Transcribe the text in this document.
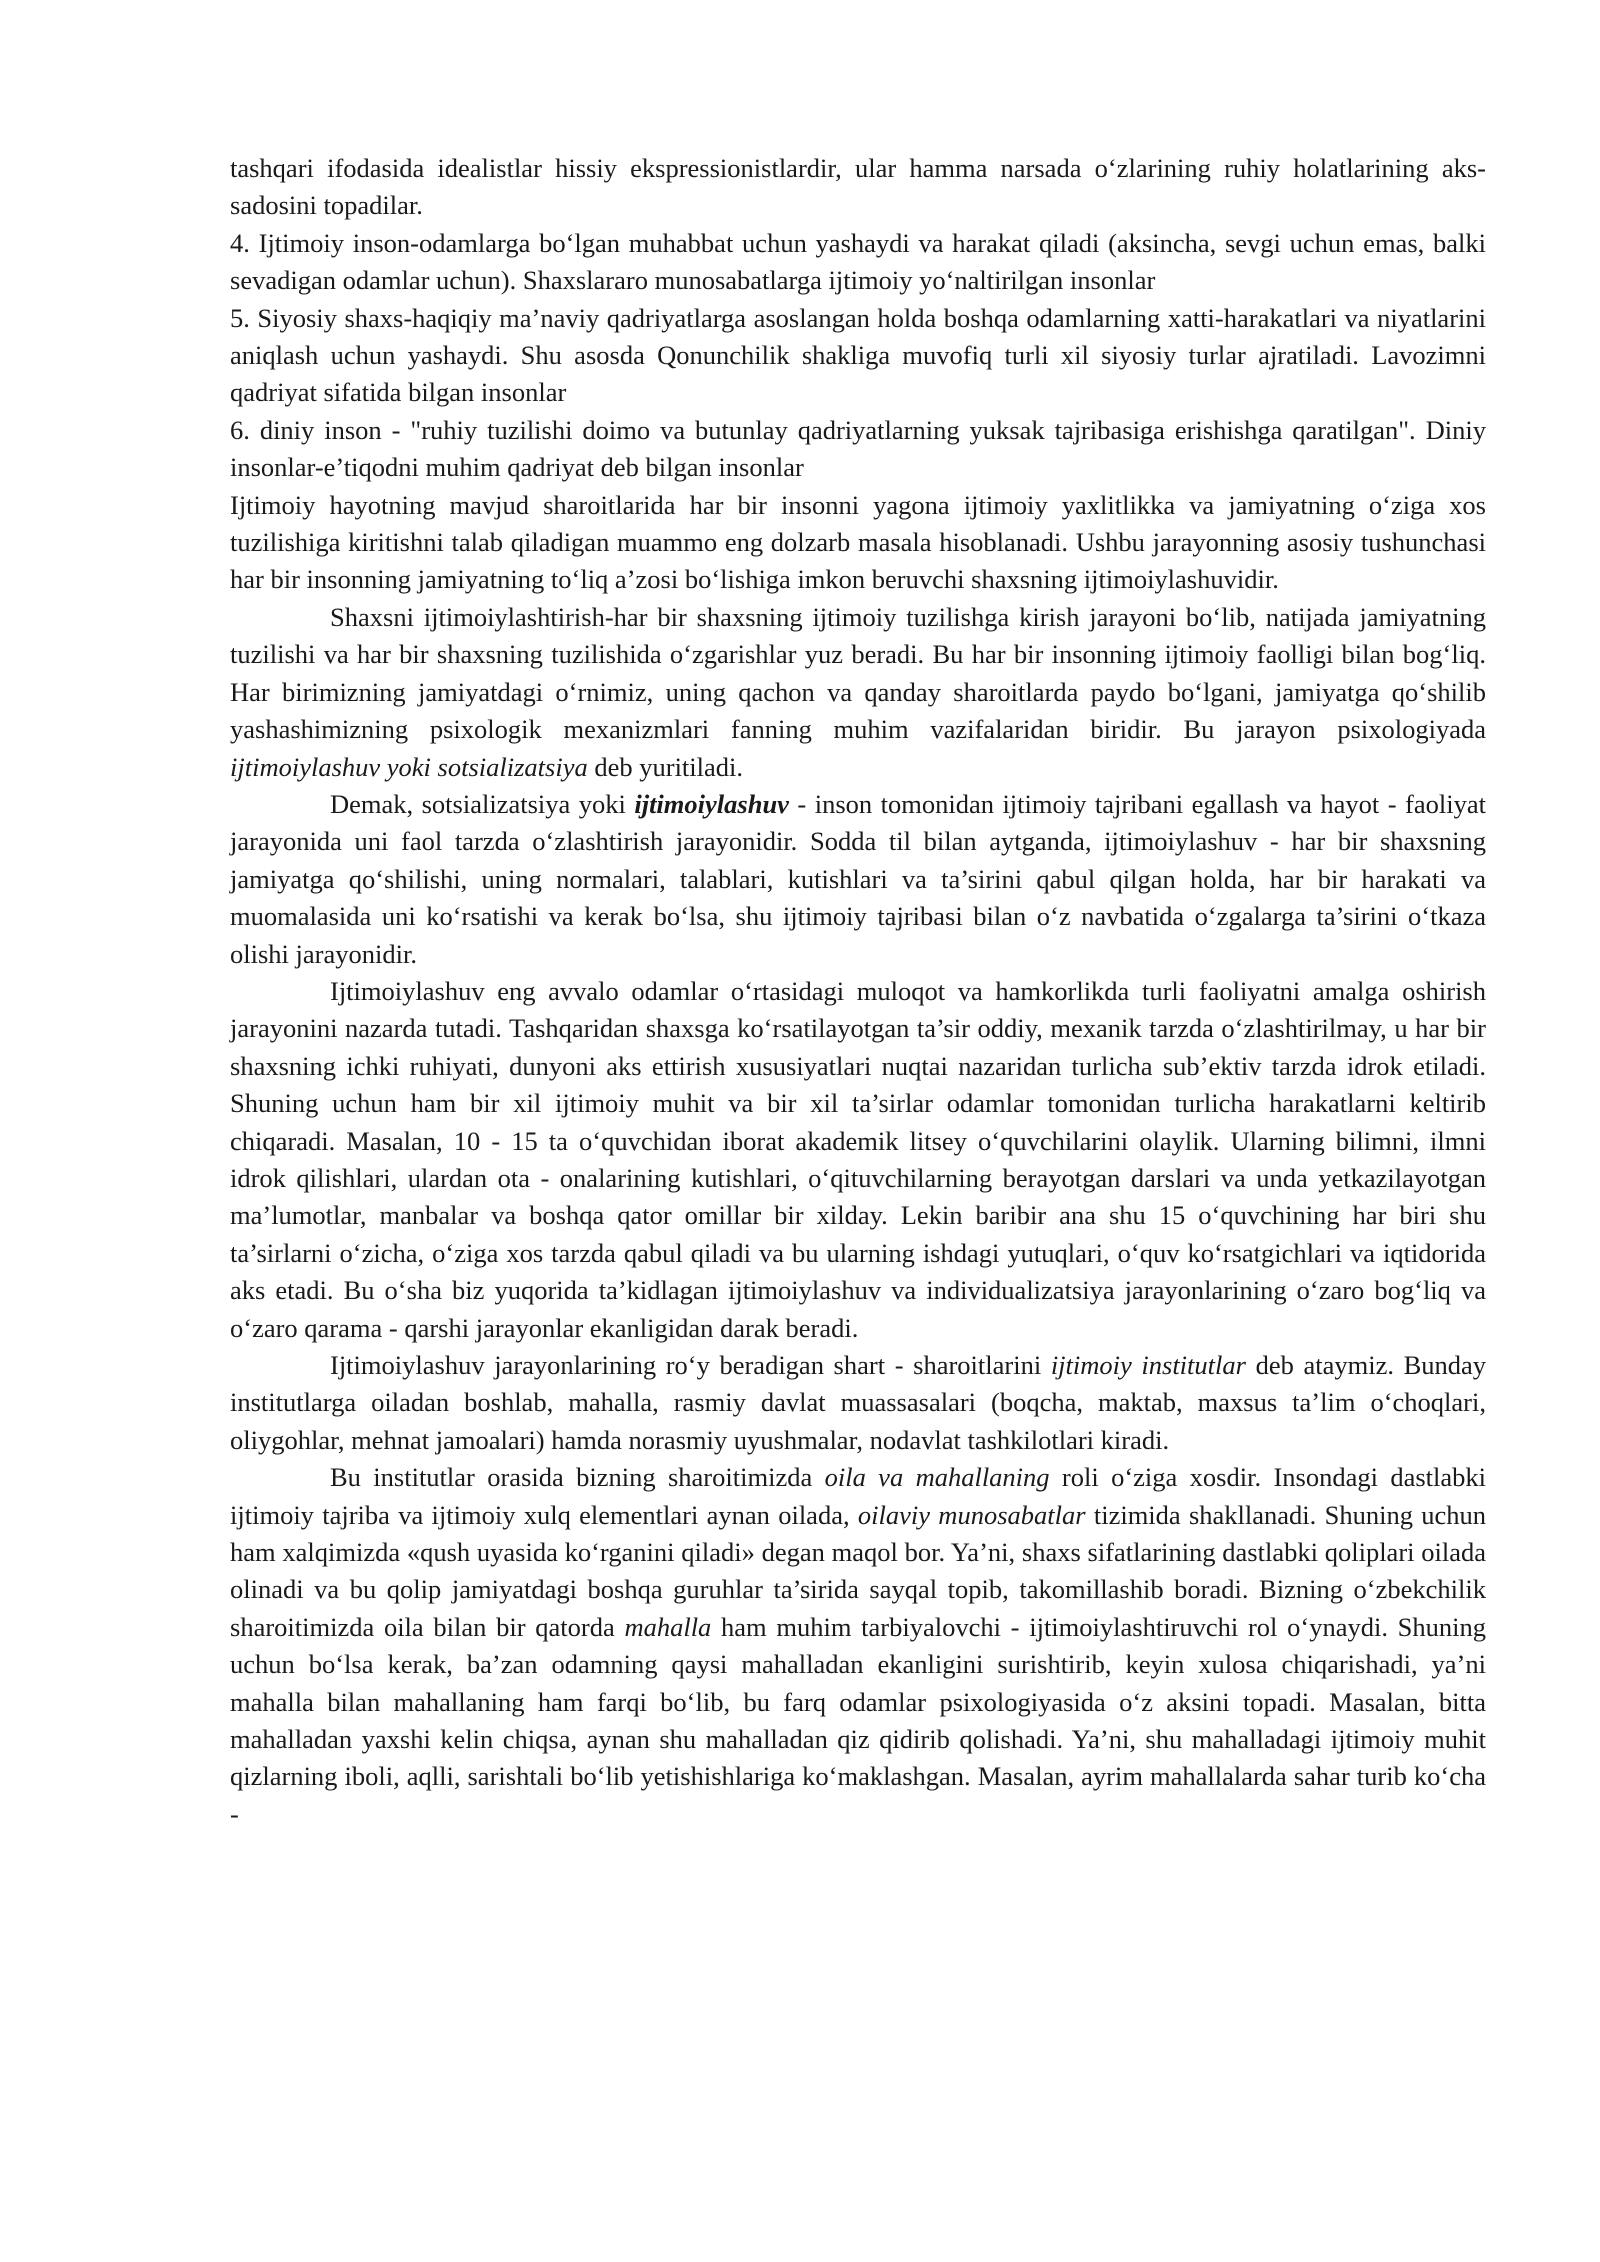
tashqari ifodasida idealistlar hissiy ekspressionistlardir, ular hamma narsada o‘zlarining ruhiy holatlarining aks-sadosini topadilar.

4. Ijtimoiy inson-odamlarga bo‘lgan muhabbat uchun yashaydi va harakat qiladi (aksincha, sevgi uchun emas, balki sevadigan odamlar uchun). Shaxslararo munosabatlarga ijtimoiy yo‘naltirilgan insonlar

5. Siyosiy shaxs-haqiqiy ma’naviy qadriyatlarga asoslangan holda boshqa odamlarning xatti-harakatlari va niyatlarini aniqlash uchun yashaydi. Shu asosda Qonunchilik shakliga muvofiq turli xil siyosiy turlar ajratiladi. Lavozimni qadriyat sifatida bilgan insonlar

6. diniy inson - "ruhiy tuzilishi doimo va butunlay qadriyatlarning yuksak tajribasiga erishishga qaratilgan". Diniy insonlar-e’tiqodni muhim qadriyat deb bilgan insonlar

Ijtimoiy hayotning mavjud sharoitlarida har bir insonni yagona ijtimoiy yaxlitlikka va jamiyatning o‘ziga xos tuzilishiga kiritishni talab qiladigan muammo eng dolzarb masala hisoblanadi. Ushbu jarayonning asosiy tushunchasi har bir insonning jamiyatning to‘liq a’zosi bo‘lishiga imkon beruvchi shaxsning ijtimoiylashuvidir.

Shaxsni ijtimoiylashtirish-har bir shaxsning ijtimoiy tuzilishga kirish jarayoni bo‘lib, natijada jamiyatning tuzilishi va har bir shaxsning tuzilishida o‘zgarishlar yuz beradi. Bu har bir insonning ijtimoiy faolligi bilan bog‘liq. Har birimizning jamiyatdagi o‘rnimiz, uning qachon va qanday sharoitlarda paydo bo‘lgani, jamiyatga qo‘shilib yashashimizning psixologik mexanizmlari fanning muhim vazifalaridan biridir. Bu jarayon psixologiyada ijtimoiylashuv yoki sotsializatsiya deb yuritiladi.

Demak, sotsializatsiya yoki ijtimoiylashuv - inson tomonidan ijtimoiy tajribani egallash va hayot - faoliyat jarayonida uni faol tarzda o‘zlashtirish jarayonidir. Sodda til bilan aytganda, ijtimoiylashuv - har bir shaxsning jamiyatga qo‘shilishi, uning normalari, talablari, kutishlari va ta’sirini qabul qilgan holda, har bir harakati va muomalasida uni ko‘rsatishi va kerak bo‘lsa, shu ijtimoiy tajribasi bilan o‘z navbatida o‘zgalarga ta’sirini o‘tkaza olishi jarayonidir.

Ijtimoiylashuv eng avvalo odamlar o‘rtasidagi muloqot va hamkorlikda turli faoliyatni amalga oshirish jarayonini nazarda tutadi. Tashqaridan shaxsga ko‘rsatilayotgan ta’sir oddiy, mexanik tarzda o‘zlashtirilmay, u har bir shaxsning ichki ruhiyati, dunyoni aks ettirish xususiyatlari nuqtai nazaridan turlicha sub’ektiv tarzda idrok etiladi. Shuning uchun ham bir xil ijtimoiy muhit va bir xil ta’sirlar odamlar tomonidan turlicha harakatlarni keltirib chiqaradi. Masalan, 10 - 15 ta o‘quvchidan iborat akademik litsey o‘quvchilarini olaylik. Ularning bilimni, ilmni idrok qilishlari, ulardan ota - onalarining kutishlari, o‘qituvchilarning berayotgan darslari va unda yetkazilayotgan ma’lumotlar, manbalar va boshqa qator omillar bir xilday. Lekin baribir ana shu 15 o‘quvchining har biri shu ta’sirlarni o‘zicha, o‘ziga xos tarzda qabul qiladi va bu ularning ishdagi yutuqlari, o‘quv ko‘rsatgichlari va iqtidorida aks etadi. Bu o‘sha biz yuqorida ta’kidlagan ijtimoiylashuv va individualizatsiya jarayonlarining o‘zaro bog‘liq va o‘zaro qarama - qarshi jarayonlar ekanligidan darak beradi.

Ijtimoiylashuv jarayonlarining ro‘y beradigan shart - sharoitlarini ijtimoiy institutlar deb ataymiz. Bunday institutlarga oiladan boshlab, mahalla, rasmiy davlat muassasalari (boqcha, maktab, maxsus ta’lim o‘choqlari, oliygohlar, mehnat jamoalari) hamda norasmiy uyushmalar, nodavlat tashkilotlari kiradi.

Bu institutlar orasida bizning sharoitimizda oila va mahallaning roli o‘ziga xosdir. Insondagi dastlabki ijtimoiy tajriba va ijtimoiy xulq elementlari aynan oilada, oilaviy munosabatlar tizimida shakllanadi. Shuning uchun ham xalqimizda «qush uyasida ko‘rganini qiladi» degan maqol bor. Ya’ni, shaxs sifatlarining dastlabki qoliplari oilada olinadi va bu qolip jamiyatdagi boshqa guruhlar ta’sirida sayqal topib, takomillashib boradi. Bizning o‘zbekchilik sharoitimizda oila bilan bir qatorda mahalla ham muhim tarbiyalovchi - ijtimoiylashtiruvchi rol o‘ynaydi. Shuning uchun bo‘lsa kerak, ba’zan odamning qaysi mahalladan ekanligini surishtirib, keyin xulosa chiqarishadi, ya’ni mahalla bilan mahallaning ham farqi bo‘lib, bu farq odamlar psixologiyasida o‘z aksini topadi. Masalan, bitta mahalladan yaxshi kelin chiqsa, aynan shu mahalladan qiz qidirib qolishadi. Ya’ni, shu mahalladagi ijtimoiy muhit qizlarning iboli, aqlli, sarishtali bo‘lib yetishishlariga ko‘maklashgan. Masalan, ayrim mahallalarda sahar turib ko‘cha -
